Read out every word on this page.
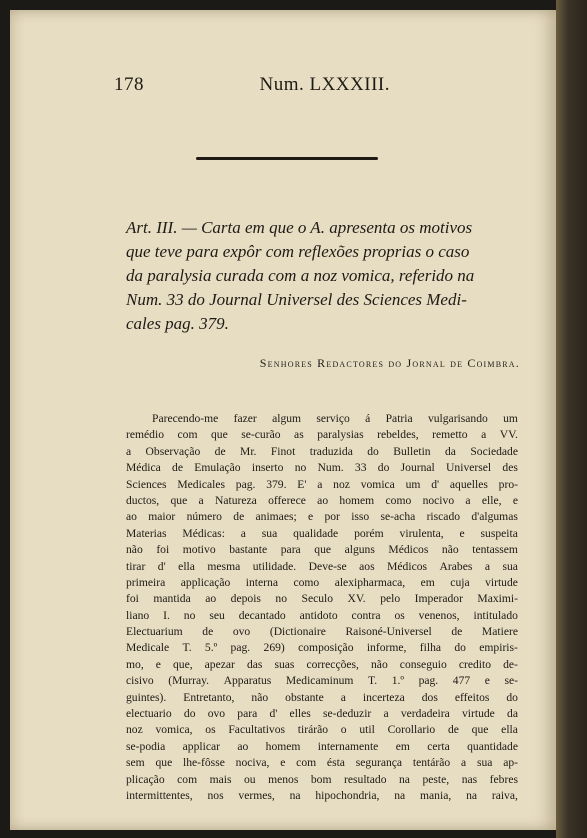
178	Num. LXXXIII.
Art. III. — Carta em que o A. apresenta os motivos
que teve para expôr com reflexões proprias o caso
da paralysia curada com a noz vomica, referido na
Num. 33 do Journal Universel des Sciences Medi-
cales pag. 379.
Senhores Redactores do Jornal de Coimbra.
Parecendo-me fazer algum serviço á Patria vulgarisando um
remédio com que se-curão as paralysias rebeldes, remetto a VV.
a Observação de Mr. Finot traduzida do Bulletin da Sociedade
Médica de Emulação inserto no Num. 33 do Journal Universel des
Sciences Medicales pag. 379. E' a noz vomica um d' aquelles pro-
ductos, que a Natureza offerece ao homem como nocivo a elle, e
ao maior número de animaes; e por isso se-acha riscado d'algumas
Materias Médicas: a sua qualidade porém virulenta, e suspeita
não foi motivo bastante para que alguns Médicos não tentassem
tirar d' ella mesma utilidade. Deve-se aos Médicos Arabes a sua
primeira applicação interna como alexipharmaca, em cuja virtude
foi mantida ao depois no Seculo XV. pelo Imperador Maximi-
liano I. no seu decantado antidoto contra os venenos, intitulado
Electuarium de ovo (Dictionaire Raisoné-Universel de Matiere
Medicale T. 5.º pag. 269) composição informe, filha do empiris-
mo, e que, apezar das suas correcções, não conseguio credito de-
cisivo (Murray. Apparatus Medicaminum T. 1.º pag. 477 e se-
guintes). Entretanto, não obstante a incerteza dos effeitos do
electuario do ovo para d' elles se-deduzir a verdadeira virtude da
noz vomica, os Facultativos tirárão o util Corollario de que ella
se-podia applicar ao homem internamente em certa quantidade
sem que lhe-fôsse nociva, e com ésta segurança tentárão a sua ap-
plicação com mais ou menos bom resultado na peste, nas febres
intermittentes, nos vermes, na hipochondria, na mania, na raiva,
